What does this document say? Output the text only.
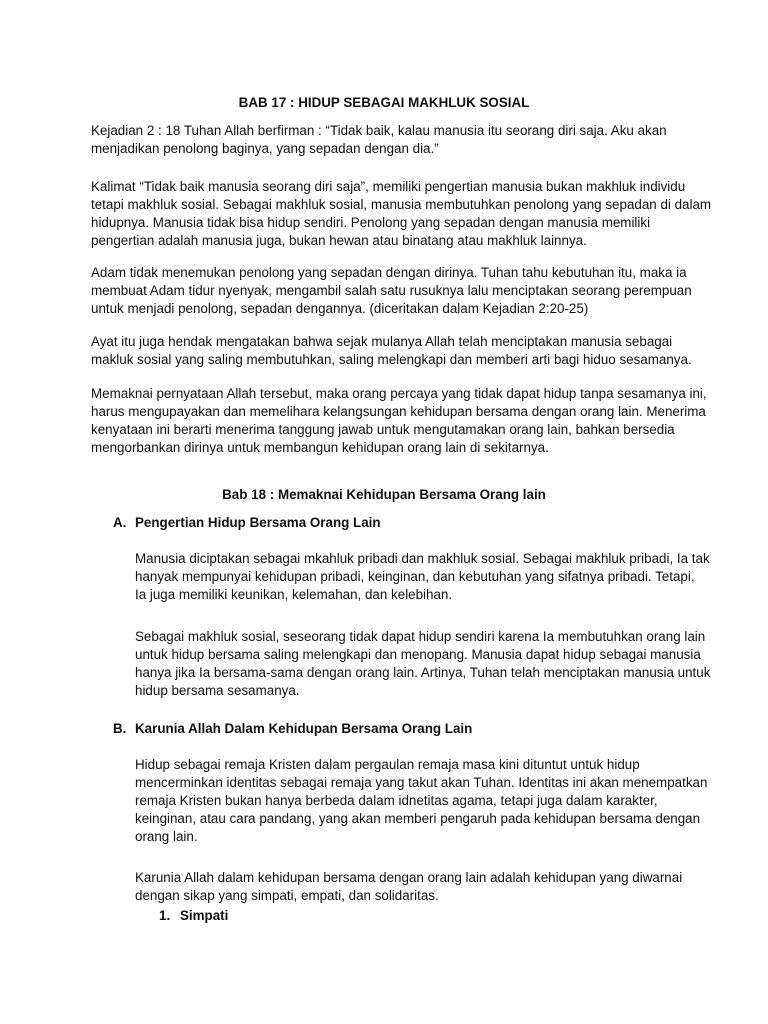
BAB 17 : HIDUP SEBAGAI MAKHLUK SOSIAL
Kejadian 2 : 18 Tuhan Allah berfirman : “Tidak baik, kalau manusia itu seorang diri saja. Aku akan
menjadikan penolong baginya, yang sepadan dengan dia.”
Kalimat “Tidak baik manusia seorang diri saja”, memiliki pengertian manusia bukan makhluk individu
tetapi makhluk sosial. Sebagai makhluk sosial, manusia membutuhkan penolong yang sepadan di dalam
hidupnya. Manusia tidak bisa hidup sendiri. Penolong yang sepadan dengan manusia memiliki
pengertian adalah manusia juga, bukan hewan atau binatang atau makhluk lainnya.
Adam tidak menemukan penolong yang sepadan dengan dirinya. Tuhan tahu kebutuhan itu, maka ia
membuat Adam tidur nyenyak, mengambil salah satu rusuknya lalu menciptakan seorang perempuan
untuk menjadi penolong, sepadan dengannya. (diceritakan dalam Kejadian 2:20-25)
Ayat itu juga hendak mengatakan bahwa sejak mulanya Allah telah menciptakan manusia sebagai
makluk sosial yang saling membutuhkan, saling melengkapi dan memberi arti bagi hiduo sesamanya.
Memaknai pernyataan Allah tersebut, maka orang percaya yang tidak dapat hidup tanpa sesamanya ini,
harus mengupayakan dan memelihara kelangsungan kehidupan bersama dengan orang lain. Menerima
kenyataan ini berarti menerima tanggung jawab untuk mengutamakan orang lain, bahkan bersedia
mengorbankan dirinya untuk membangun kehidupan orang lain di sekitarnya.
Bab 18 : Memaknai Kehidupan Bersama Orang lain
A. Pengertian Hidup Bersama Orang Lain
Manusia diciptakan sebagai mkahluk pribadi dan makhluk sosial. Sebagai makhluk pribadi, Ia tak
hanyak mempunyai kehidupan pribadi, keinginan, dan kebutuhan yang sifatnya pribadi. Tetapi,
Ia juga memiliki keunikan, kelemahan, dan kelebihan.
Sebagai makhluk sosial, seseorang tidak dapat hidup sendiri karena Ia membutuhkan orang lain
untuk hidup bersama saling melengkapi dan menopang. Manusia dapat hidup sebagai manusia
hanya jika Ia bersama-sama dengan orang lain. Artinya, Tuhan telah menciptakan manusia untuk
hidup bersama sesamanya.
B. Karunia Allah Dalam Kehidupan Bersama Orang Lain
Hidup sebagai remaja Kristen dalam pergaulan remaja masa kini dituntut untuk hidup
mencerminkan identitas sebagai remaja yang takut akan Tuhan. Identitas ini akan menempatkan
remaja Kristen bukan hanya berbeda dalam idnetitas agama, tetapi juga dalam karakter,
keinginan, atau cara pandang, yang akan memberi pengaruh pada kehidupan bersama dengan
orang lain.
Karunia Allah dalam kehidupan bersama dengan orang lain adalah kehidupan yang diwarnai
dengan sikap yang simpati, empati, dan solidaritas.
1. Simpati
